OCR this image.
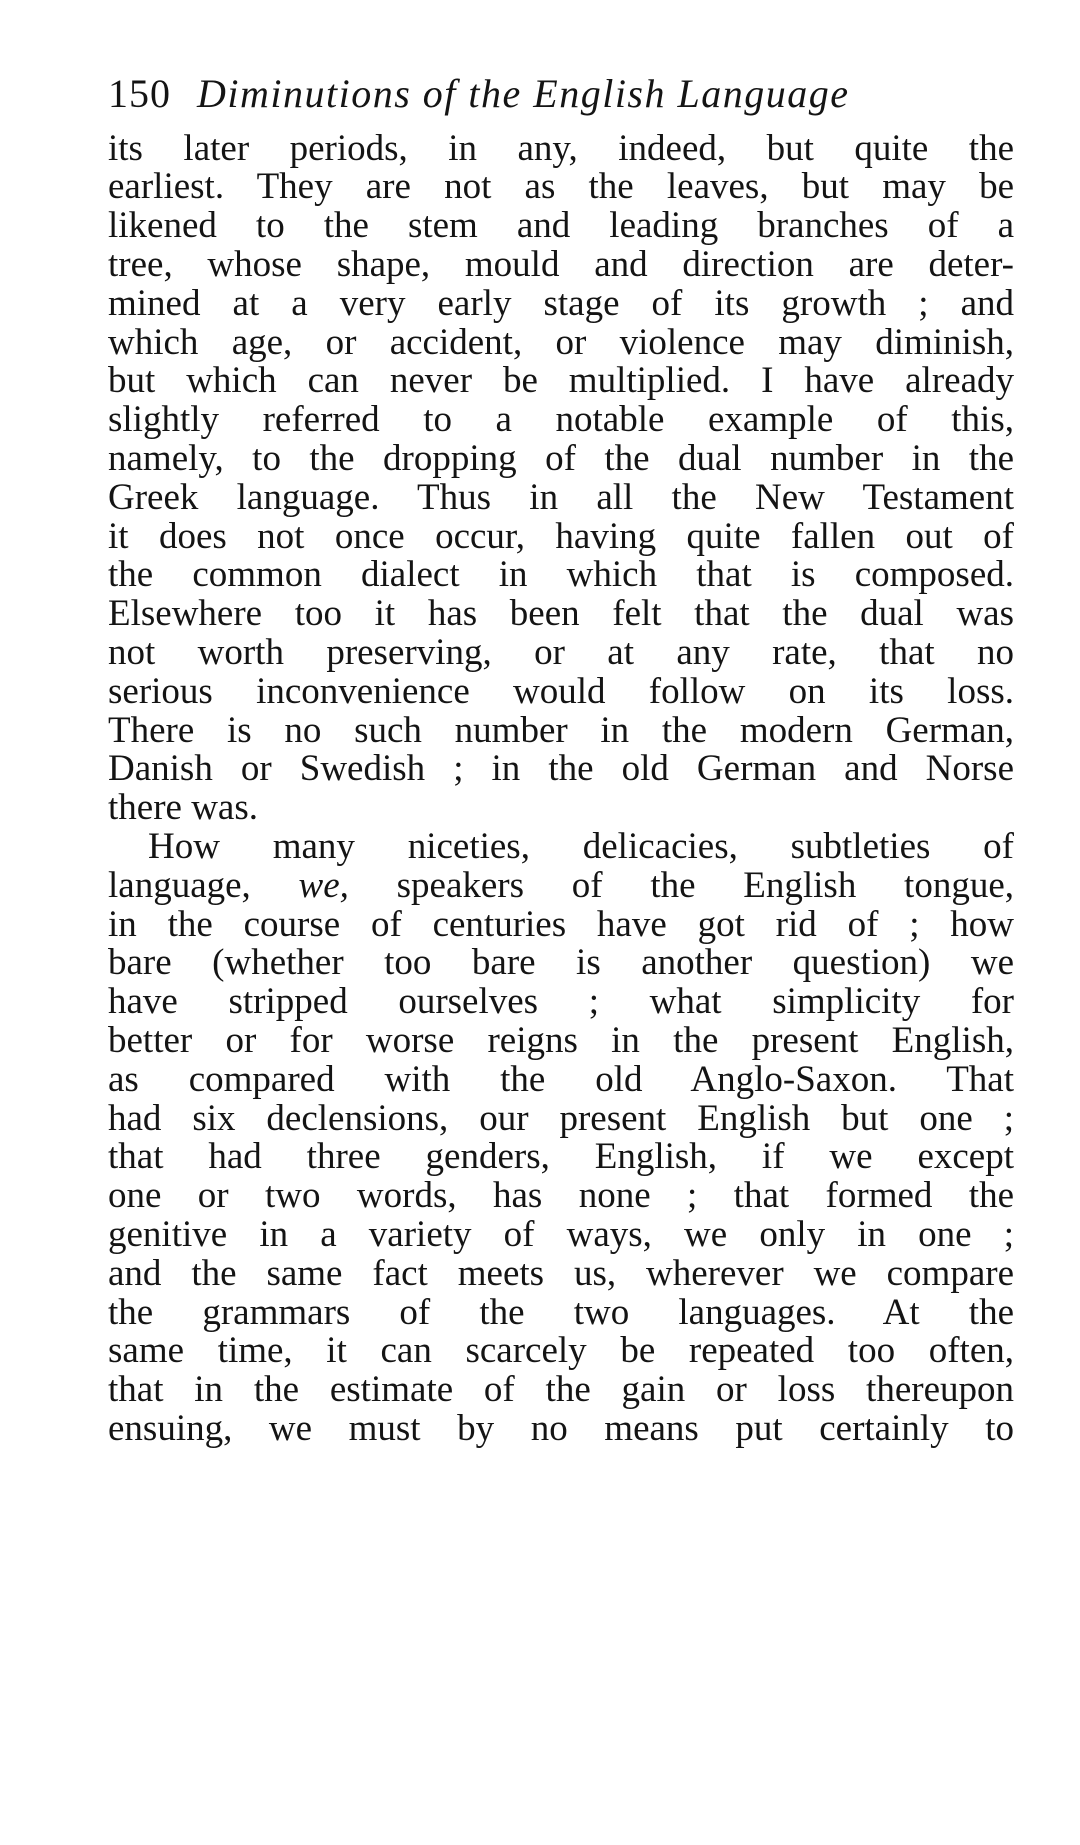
150 Diminutions of the English Language
its later periods, in any, indeed, but quite the
earliest. They are not as the leaves, but may be
likened to the stem and leading branches of a
tree, whose shape, mould and direction are deter-
mined at a very early stage of its growth ; and
which age, or accident, or violence may diminish,
but which can never be multiplied. I have already
slightly referred to a notable example of this,
namely, to the dropping of the dual number in the
Greek language. Thus in all the New Testament
it does not once occur, having quite fallen out of
the common dialect in which that is composed.
Elsewhere too it has been felt that the dual was
not worth preserving, or at any rate, that no
serious inconvenience would follow on its loss.
There is no such number in the modern German,
Danish or Swedish ; in the old German and Norse
there was.
How many niceties, delicacies, subtleties of
language, we, speakers of the English tongue,
in the course of centuries have got rid of ; how
bare (whether too bare is another question) we
have stripped ourselves ; what simplicity for
better or for worse reigns in the present English,
as compared with the old Anglo-Saxon. That
had six declensions, our present English but one ;
that had three genders, English, if we except
one or two words, has none ; that formed the
genitive in a variety of ways, we only in one ;
and the same fact meets us, wherever we compare
the grammars of the two languages. At the
same time, it can scarcely be repeated too often,
that in the estimate of the gain or loss thereupon
ensuing, we must by no means put certainly to
